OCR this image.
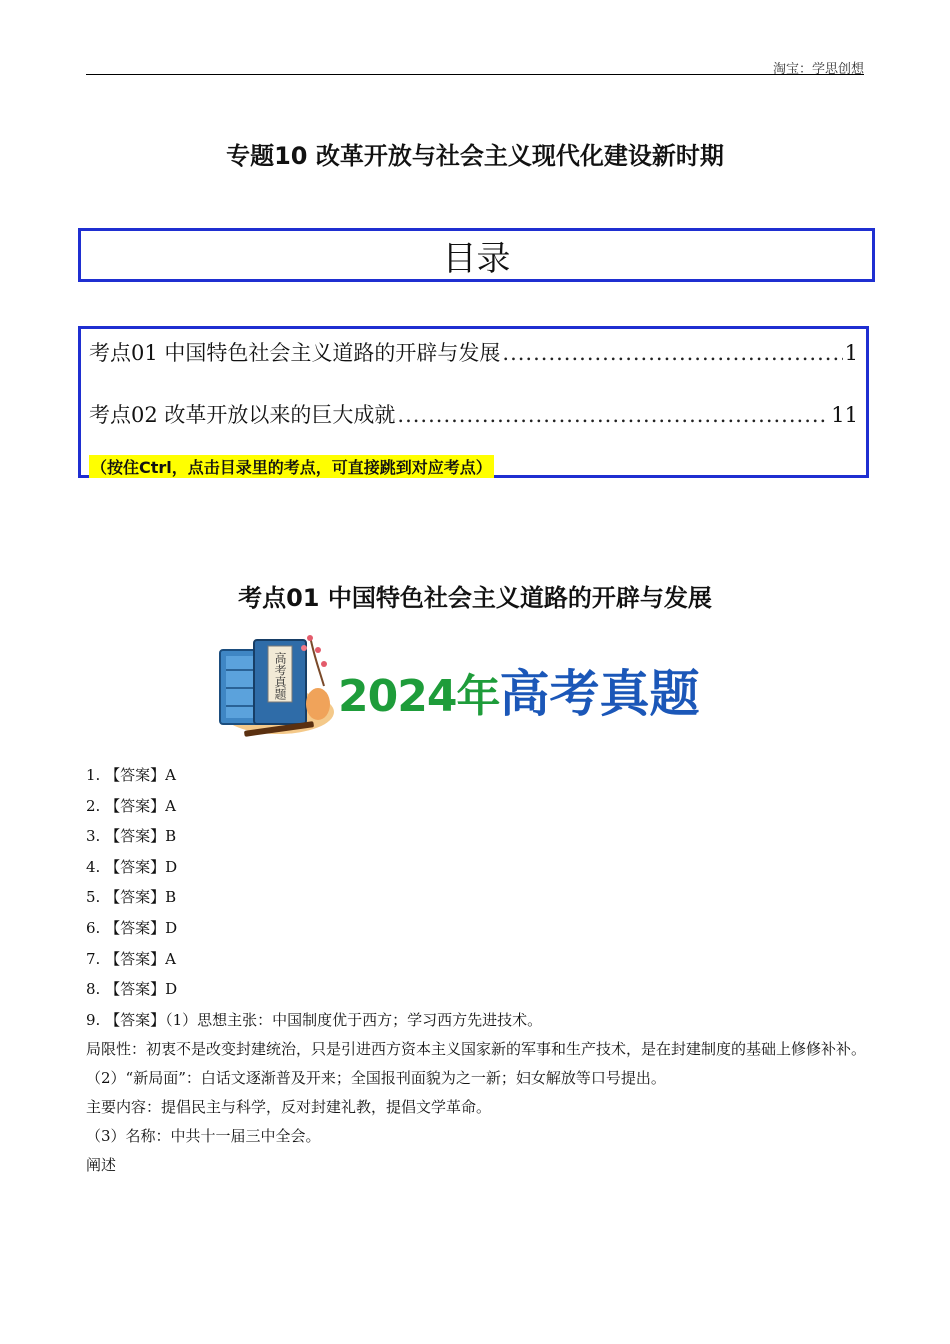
淘宝：学思创想
专题10 改革开放与社会主义现代化建设新时期
目录
考点01 中国特色社会主义道路的开辟与发展 .....	1
考点02 改革开放以来的巨大成就 .....	11
（按住Ctrl，点击目录里的考点，可直接跳到对应考点）
考点01 中国特色社会主义道路的开辟与发展
高考真题 2024年高考真题
1. 【答案】A
2. 【答案】A
3. 【答案】B
4. 【答案】D
5. 【答案】B
6. 【答案】D
7. 【答案】A
8. 【答案】D
9. 【答案】（1）思想主张：中国制度优于西方；学习西方先进技术。
局限性：初衷不是改变封建统治，只是引进西方资本主义国家新的军事和生产技术，是在封建制度的基础上修修补补。
（2）“新局面”：白话文逐渐普及开来；全国报刊面貌为之一新；妇女解放等口号提出。
主要内容：提倡民主与科学，反对封建礼教，提倡文学革命。
（3）名称：中共十一届三中全会。
阐述
